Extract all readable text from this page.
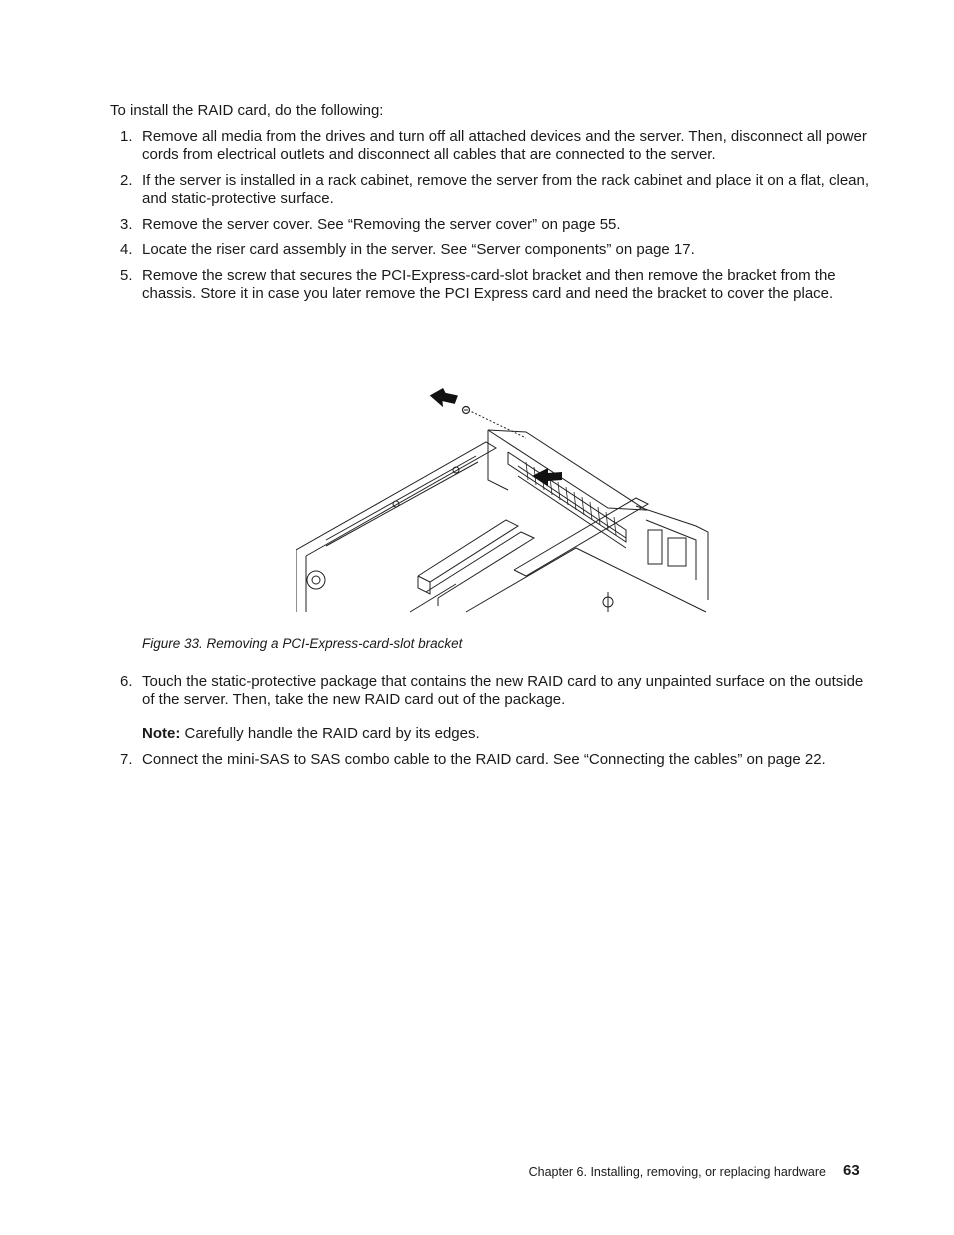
To install the RAID card, do the following:
1. Remove all media from the drives and turn off all attached devices and the server. Then, disconnect all power cords from electrical outlets and disconnect all cables that are connected to the server.
2. If the server is installed in a rack cabinet, remove the server from the rack cabinet and place it on a flat, clean, and static-protective surface.
3. Remove the server cover. See “Removing the server cover” on page 55.
4. Locate the riser card assembly in the server. See “Server components” on page 17.
5. Remove the screw that secures the PCI-Express-card-slot bracket and then remove the bracket from the chassis. Store it in case you later remove the PCI Express card and need the bracket to cover the place.
Figure 33. Removing a PCI-Express-card-slot bracket
6. Touch the static-protective package that contains the new RAID card to any unpainted surface on the outside of the server. Then, take the new RAID card out of the package.
Note: Carefully handle the RAID card by its edges.
7. Connect the mini-SAS to SAS combo cable to the RAID card. See “Connecting the cables” on page 22.
Chapter 6. Installing, removing, or replacing hardware 63
